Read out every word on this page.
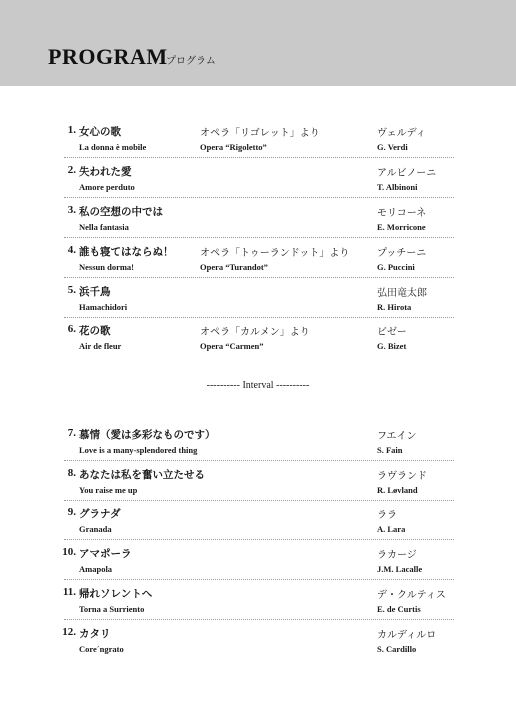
PROGRAM
プログラム
1. 女心の歌
La donna è mobile
オペラ「リゴレット」より
Opera “Rigoletto”
ヴェルディ
G. Verdi
2. 失われた愛
Amore perduto
アルビノーニ
T. Albinoni
3. 私の空想の中では
Nella fantasia
モリコーネ
E. Morricone
4. 誰も寝てはならぬ！
Nessun dorma!
オペラ「トゥーランドット」より
Opera “Turandot”
プッチーニ
G. Puccini
5. 浜千鳥
Hamachidori
弘田竜太郎
R. Hirota
6. 花の歌
Air de fleur
オペラ「カルメン」より
Opera “Carmen”
ビゼー
G. Bizet
7. 慕情（愛は多彩なものです）
Love is a many-splendored thing
フエイン
S. Fain
8. あなたは私を奮い立たせる
You raise me up
ラヴランド
R. Løvland
9. グラナダ
Granada
ララ
A. Lara
10. アマポーラ
Amapola
ラカージ
J.M. Lacalle
11. 帰れソレントへ
Torna a Surriento
デ・クルティス
E. de Curtis
12. カタリ
Core´ngrato
カルディルロ
S. Cardillo
---------- Interval ----------
